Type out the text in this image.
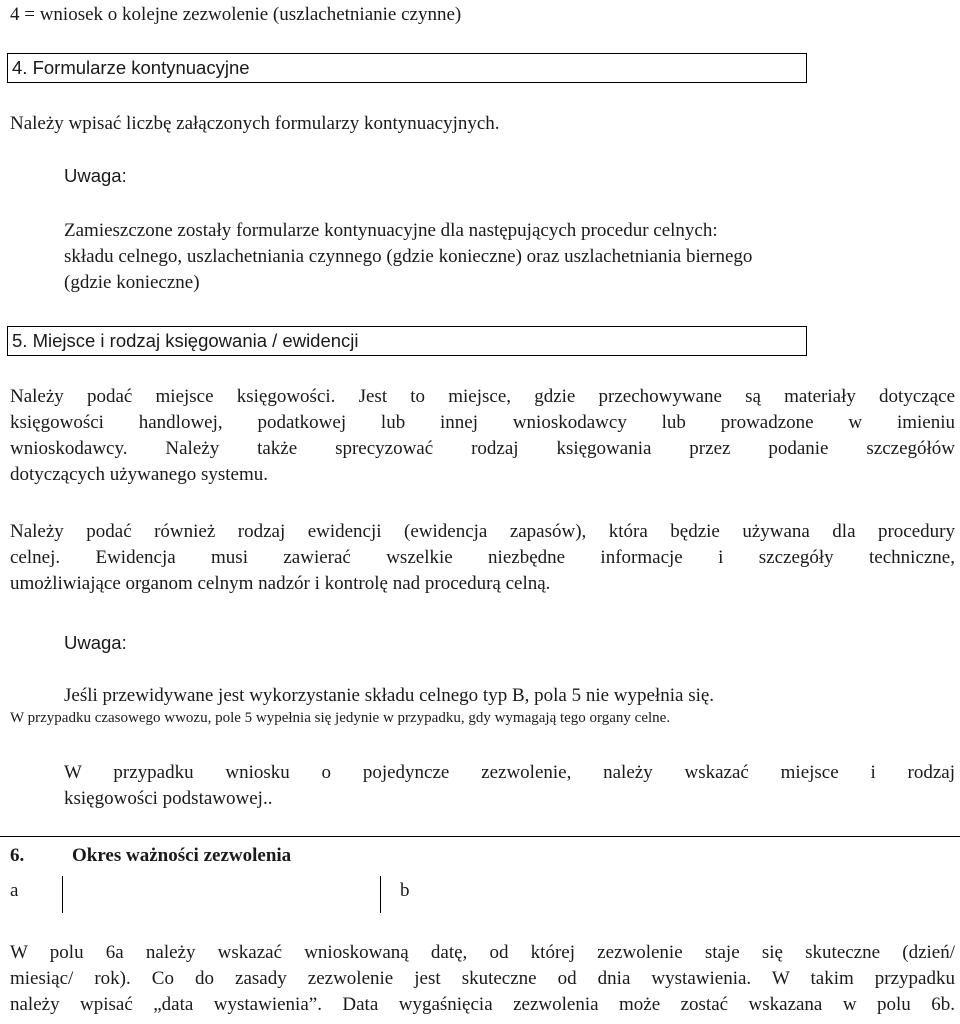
4 = wniosek o kolejne zezwolenie (uszlachetnianie czynne)
4. Formularze kontynuacyjne
Należy wpisać liczbę załączonych formularzy kontynuacyjnych.
Uwaga:
Zamieszczone zostały formularze kontynuacyjne dla następujących procedur celnych:
składu celnego, uszlachetniania czynnego (gdzie konieczne) oraz uszlachetniania biernego
(gdzie konieczne)
5. Miejsce i rodzaj księgowania / ewidencji
Należy podać miejsce księgowości. Jest to miejsce, gdzie przechowywane są materiały dotyczące
księgowości handlowej, podatkowej lub innej wnioskodawcy lub prowadzone w imieniu
wnioskodawcy. Należy także sprecyzować rodzaj księgowania przez podanie szczegółów
dotyczących używanego systemu.
Należy podać również rodzaj ewidencji (ewidencja zapasów), która będzie używana dla procedury
celnej. Ewidencja musi zawierać wszelkie niezbędne informacje i szczegóły techniczne,
umożliwiające organom celnym nadzór i kontrolę nad procedurą celną.
Uwaga:
Jeśli przewidywane jest wykorzystanie składu celnego typ B, pola 5 nie wypełnia się.
W przypadku czasowego wwozu, pole 5 wypełnia się jedynie w przypadku, gdy wymagają tego organy celne.
W przypadku wniosku o pojedyncze zezwolenie, należy wskazać miejsce i rodzaj
księgowości podstawowej..
6.	Okres ważności zezwolenia
a	b
W polu 6a należy wskazać wnioskowaną datę, od której zezwolenie staje się skuteczne (dzień/
miesiąc/ rok). Co do zasady zezwolenie jest skuteczne od dnia wystawienia. W takim przypadku
należy wpisać „data wystawienia”. Data wygaśnięcia zezwolenia może zostać wskazana w polu 6b.
